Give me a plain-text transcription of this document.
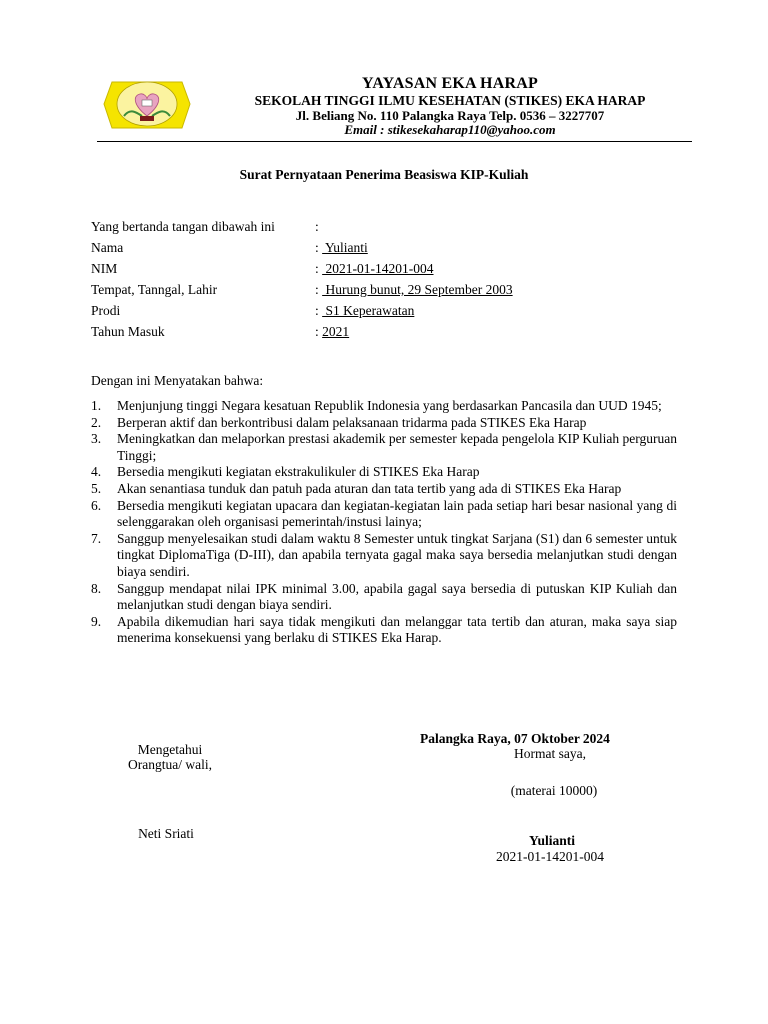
YAYASAN EKA HARAP
SEKOLAH TINGGI ILMU KESEHATAN (STIKES) EKA HARAP
Jl. Beliang No. 110 Palangka Raya Telp. 0536 – 3227707
Email : stikesekaharap110@yahoo.com
Surat Pernyataan Penerima Beasiswa KIP-Kuliah
Yang bertanda tangan dibawah ini	:
Nama	:  Yulianti
NIM	:  2021-01-14201-004
Tempat, Tanngal, Lahir	:  Hurung bunut, 29 September 2003
Prodi	:  S1 Keperawatan
Tahun Masuk	: 2021
Dengan ini Menyatakan bahwa:
1. Menjunjung tinggi Negara kesatuan Republik Indonesia yang berdasarkan Pancasila dan UUD 1945;
2. Berperan aktif dan berkontribusi dalam pelaksanaan tridarma pada STIKES Eka Harap
3. Meningkatkan dan melaporkan prestasi akademik per semester kepada pengelola KIP Kuliah perguruan Tinggi;
4. Bersedia mengikuti kegiatan ekstrakulikuler di STIKES Eka Harap
5. Akan senantiasa tunduk dan patuh pada aturan dan tata tertib yang ada di STIKES Eka Harap
6. Bersedia mengikuti kegiatan upacara dan kegiatan-kegiatan lain pada setiap hari besar nasional yang di selenggarakan oleh organisasi pemerintah/instusi lainya;
7. Sanggup menyelesaikan studi dalam waktu 8 Semester untuk tingkat Sarjana (S1) dan 6 semester untuk tingkat DiplomaTiga (D-III), dan apabila ternyata gagal maka saya bersedia melanjutkan studi dengan biaya sendiri.
8. Sanggup mendapat nilai IPK minimal 3.00, apabila gagal saya bersedia di putuskan KIP Kuliah dan melanjutkan studi dengan biaya sendiri.
9. Apabila dikemudian hari saya tidak mengikuti dan melanggar tata tertib dan aturan, maka saya siap menerima konsekuensi yang berlaku di STIKES Eka Harap.
Palangka Raya, 07 Oktober 2024
Hormat saya,
(materai 10000)
Yulianti
2021-01-14201-004
Mengetahui
Orangtua/ wali,
Neti Sriati
